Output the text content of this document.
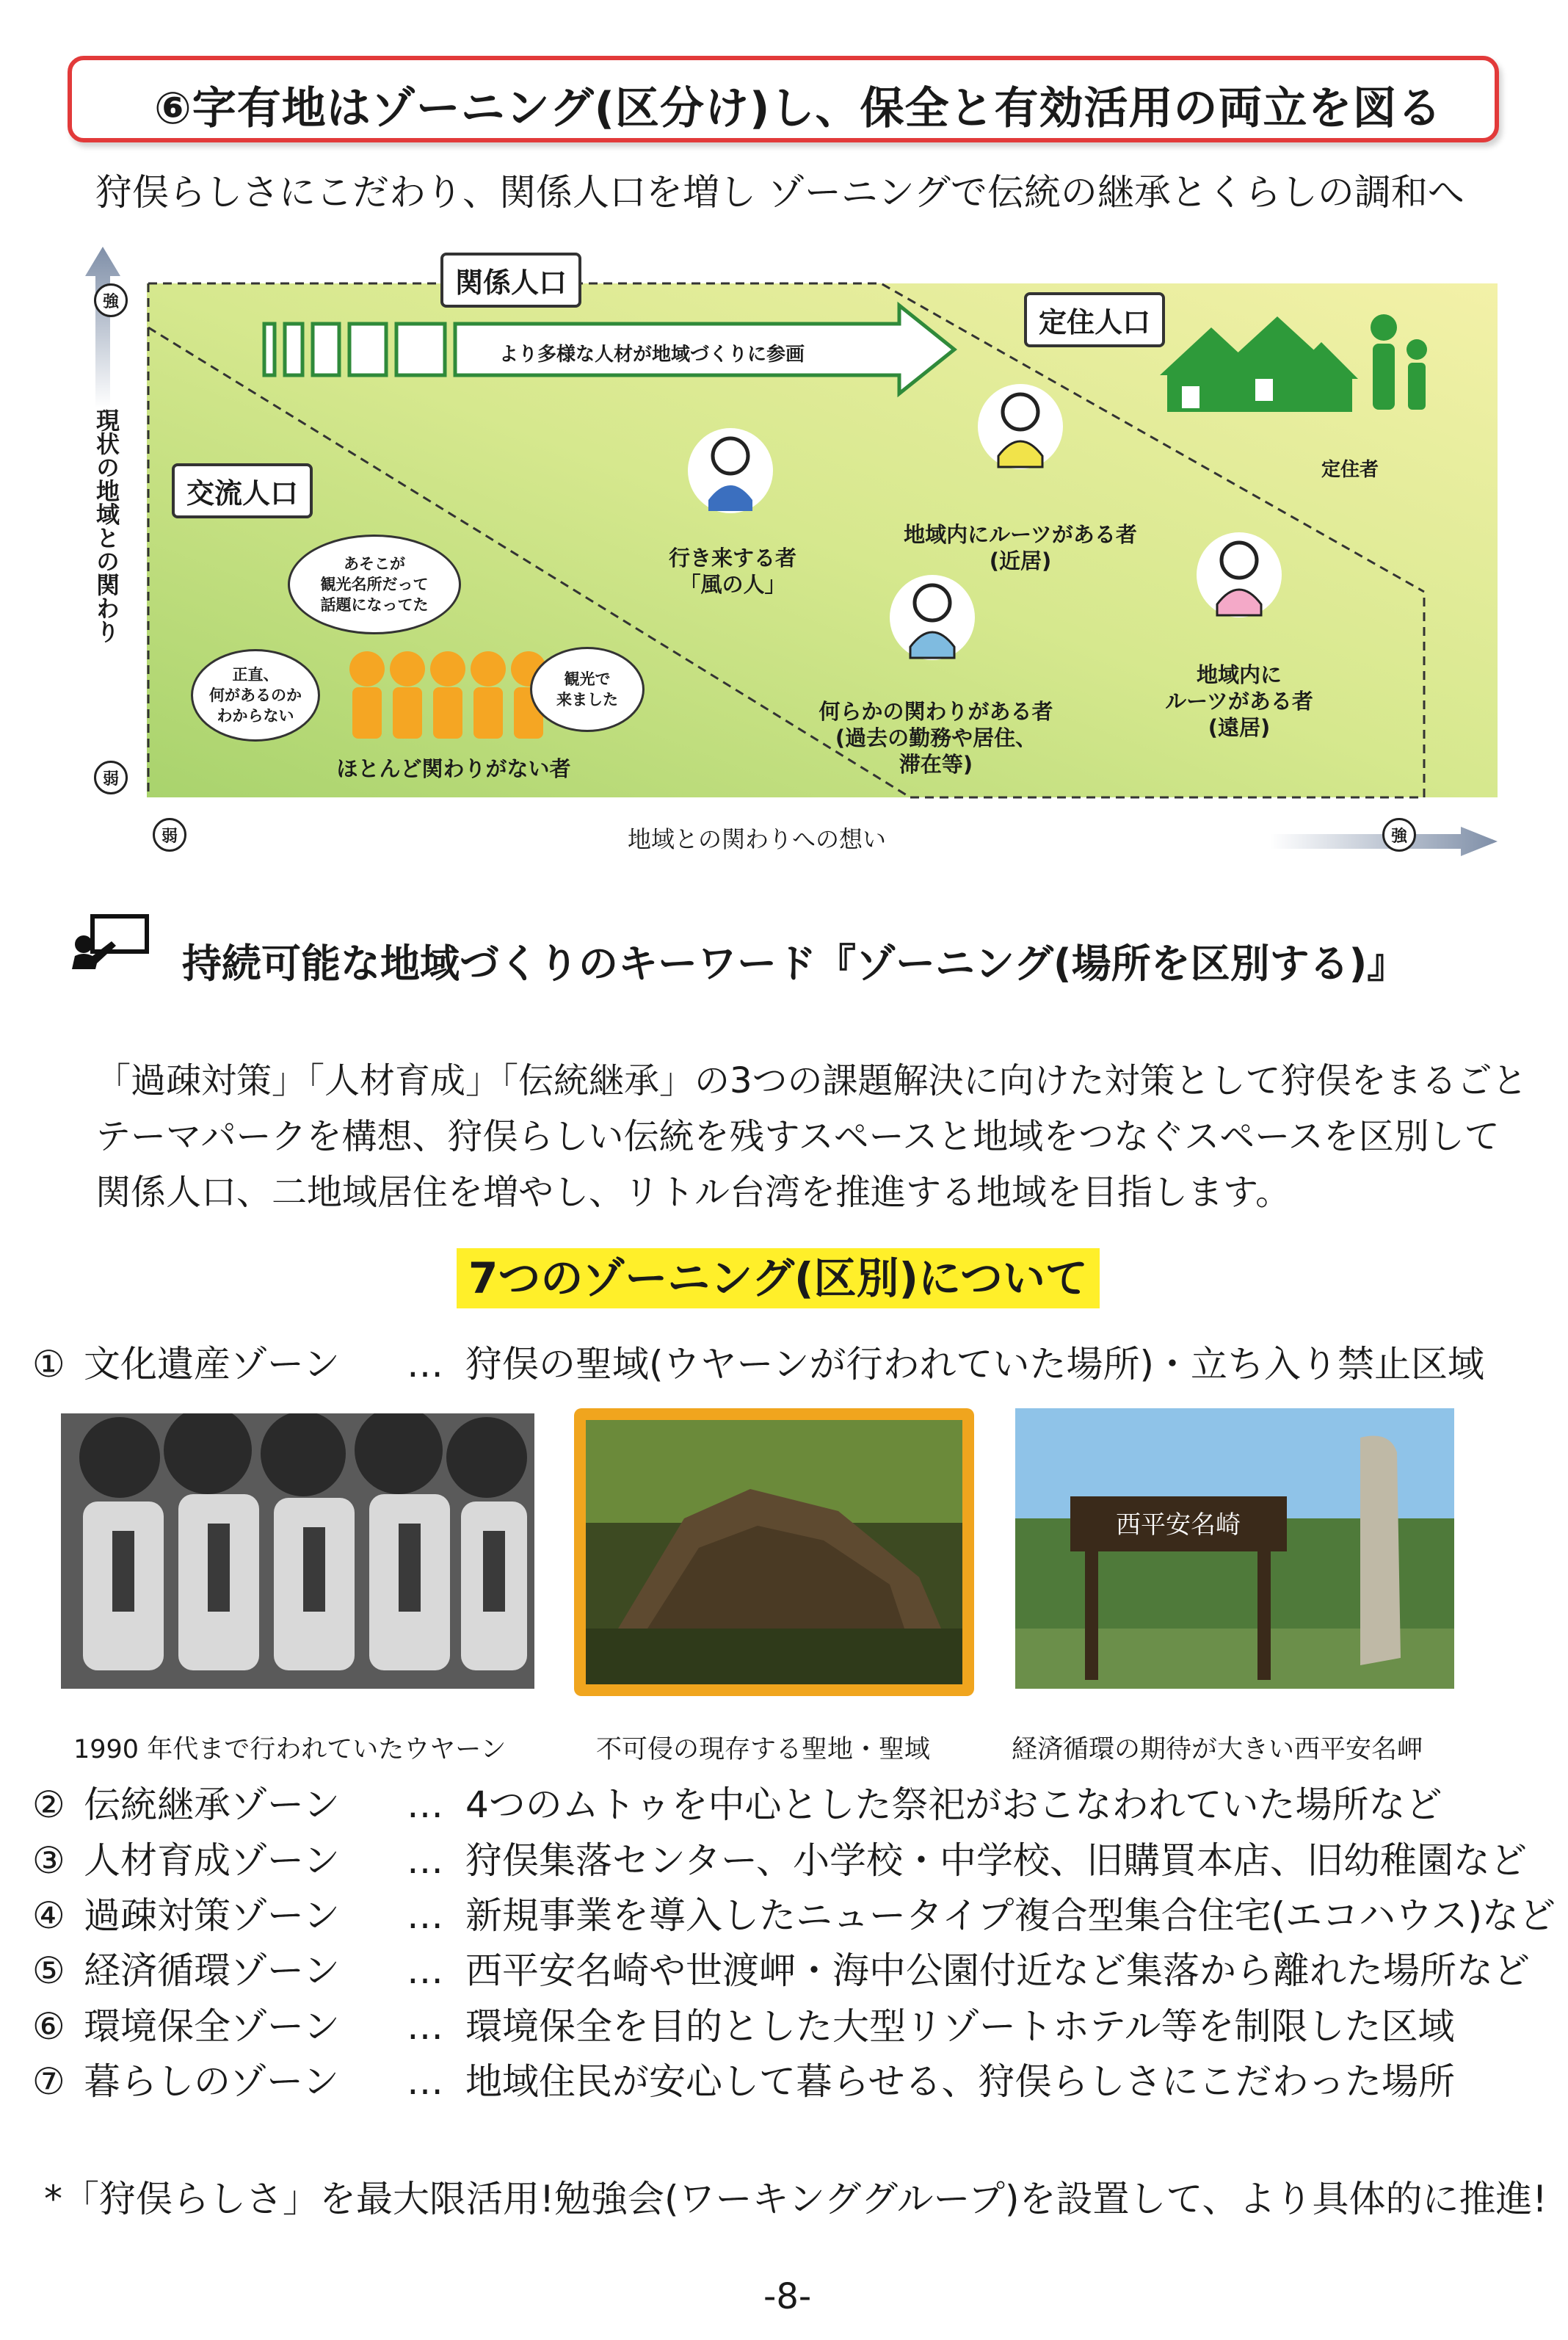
⑥字有地はゾーニング(区分け)し、保全と有効活用の両立を図る
狩俣らしさにこだわり、関係人口を増し ゾーニングで伝統の継承とくらしの調和へ
関係人口
定住人口
交流人口
より多様な人材が地域づくりに参画
定住者
行き来する者
「風の人」
地域内にルーツがある者
(近居)
何らかの関わりがある者
(過去の勤務や居住、
滞在等)
地域内に
ルーツがある者
(遠居)
ほとんど関わりがない者
あそこが
観光名所だって
話題になってた
正直、
何があるのか
わからない
観光で
来ました
現状の地域との関わり
地域との関わりへの想い
強
弱
弱	強
持続可能な地域づくりのキーワード『ゾーニング(場所を区別する)』
「過疎対策」「人材育成」「伝統継承」の3つの課題解決に向けた対策として狩俣をまるごと
テーマパークを構想、狩俣らしい伝統を残すスペースと地域をつなぐスペースを区別して
関係人口、二地域居住を増やし、リトル台湾を推進する地域を目指します。
7つのゾーニング(区別)について
① 文化遺産ゾーン … 狩俣の聖域(ウヤーンが行われていた場所)・立ち入り禁止区域
西平安名崎
1990 年代まで行われていたウヤーン	不可侵の現存する聖地・聖域	経済循環の期待が大きい西平安名岬
② 伝統継承ゾーン … 4つのムトゥを中心とした祭祀がおこなわれていた場所など
③ 人材育成ゾーン … 狩俣集落センター、小学校・中学校、旧購買本店、旧幼稚園など
④ 過疎対策ゾーン … 新規事業を導入したニュータイプ複合型集合住宅(エコハウス)など
⑤ 経済循環ゾーン … 西平安名崎や世渡岬・海中公園付近など集落から離れた場所など
⑥ 環境保全ゾーン … 環境保全を目的とした大型リゾートホテル等を制限した区域
⑦ 暮らしのゾーン … 地域住民が安心して暮らせる、狩俣らしさにこだわった場所
*「狩俣らしさ」を最大限活用!勉強会(ワーキンググループ)を設置して、より具体的に推進!
-8-
